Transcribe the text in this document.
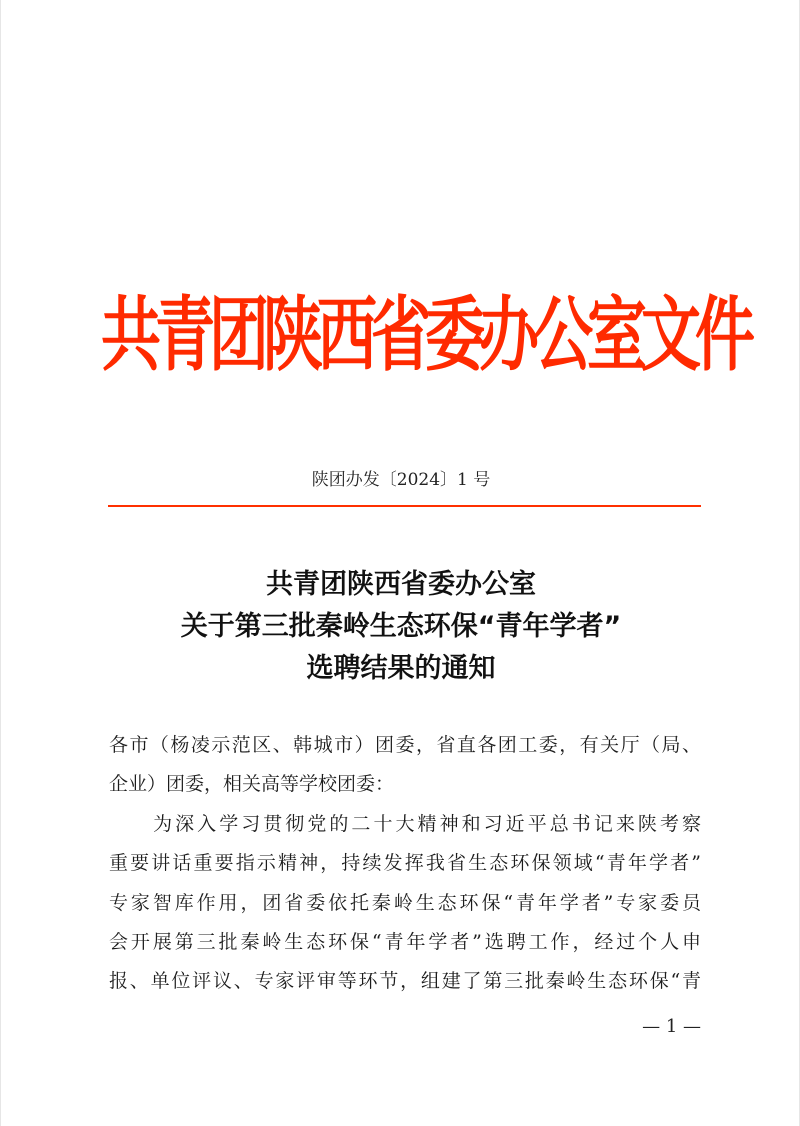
共青团陕西省委办公室文件
陕团办发〔2024〕1 号
共青团陕西省委办公室
关于第三批秦岭生态环保“青年学者”
选聘结果的通知
各市（杨凌示范区、韩城市）团委，省直各团工委，有关厅（局、
企业）团委，相关高等学校团委：
　　为深入学习贯彻党的二十大精神和习近平总书记来陕考察
重要讲话重要指示精神，持续发挥我省生态环保领域“青年学者”
专家智库作用，团省委依托秦岭生态环保“青年学者”专家委员
会开展第三批秦岭生态环保“青年学者”选聘工作，经过个人申
报、单位评议、专家评审等环节，组建了第三批秦岭生态环保“青
— 1 —
